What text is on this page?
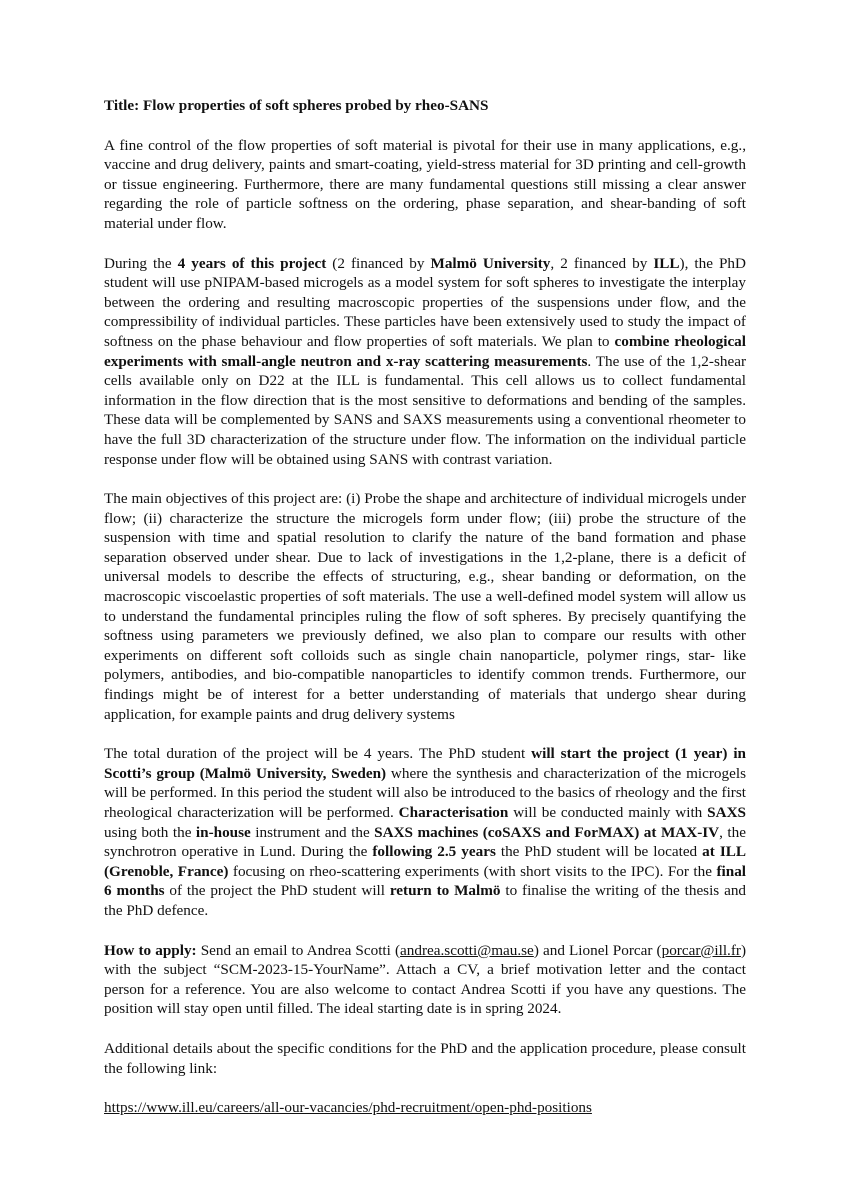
Title: Flow properties of soft spheres probed by rheo-SANS

A fine control of the flow properties of soft material is pivotal for their use in many applications, e.g., vaccine and drug delivery, paints and smart-coating, yield-stress material for 3D printing and cell-growth or tissue engineering. Furthermore, there are many fundamental questions still missing a clear answer regarding the role of particle softness on the ordering, phase separation, and shear-banding of soft material under flow.

During the 4 years of this project (2 financed by Malmö University, 2 financed by ILL), the PhD student will use pNIPAM-based microgels as a model system for soft spheres to investigate the interplay between the ordering and resulting macroscopic properties of the suspensions under flow, and the compressibility of individual particles. These particles have been extensively used to study the impact of softness on the phase behaviour and flow properties of soft materials. We plan to combine rheological experiments with small-angle neutron and x-ray scattering measurements. The use of the 1,2-shear cells available only on D22 at the ILL is fundamental. This cell allows us to collect fundamental information in the flow direction that is the most sensitive to deformations and bending of the samples. These data will be complemented by SANS and SAXS measurements using a conventional rheometer to have the full 3D characterization of the structure under flow. The information on the individual particle response under flow will be obtained using SANS with contrast variation.

The main objectives of this project are: (i) Probe the shape and architecture of individual microgels under flow; (ii) characterize the structure the microgels form under flow; (iii) probe the structure of the suspension with time and spatial resolution to clarify the nature of the band formation and phase separation observed under shear. Due to lack of investigations in the 1,2-plane, there is a deficit of universal models to describe the effects of structuring, e.g., shear banding or deformation, on the macroscopic viscoelastic properties of soft materials. The use a well-defined model system will allow us to understand the fundamental principles ruling the flow of soft spheres. By precisely quantifying the softness using parameters we previously defined, we also plan to compare our results with other experiments on different soft colloids such as single chain nanoparticle, polymer rings, star- like polymers, antibodies, and bio-compatible nanoparticles to identify common trends. Furthermore, our findings might be of interest for a better understanding of materials that undergo shear during application, for example paints and drug delivery systems

The total duration of the project will be 4 years. The PhD student will start the project (1 year) in Scotti’s group (Malmö University, Sweden) where the synthesis and characterization of the microgels will be performed. In this period the student will also be introduced to the basics of rheology and the first rheological characterization will be performed. Characterisation will be conducted mainly with SAXS using both the in-house instrument and the SAXS machines (coSAXS and ForMAX) at MAX-IV, the synchrotron operative in Lund. During the following 2.5 years the PhD student will be located at ILL (Grenoble, France) focusing on rheo-scattering experiments (with short visits to the IPC). For the final 6 months of the project the PhD student will return to Malmö to finalise the writing of the thesis and the PhD defence.

How to apply: Send an email to Andrea Scotti (andrea.scotti@mau.se) and Lionel Porcar (porcar@ill.fr) with the subject “SCM-2023-15-YourName”. Attach a CV, a brief motivation letter and the contact person for a reference. You are also welcome to contact Andrea Scotti if you have any questions. The position will stay open until filled. The ideal starting date is in spring 2024.

Additional details about the specific conditions for the PhD and the application procedure, please consult the following link:

https://www.ill.eu/careers/all-our-vacancies/phd-recruitment/open-phd-positions
